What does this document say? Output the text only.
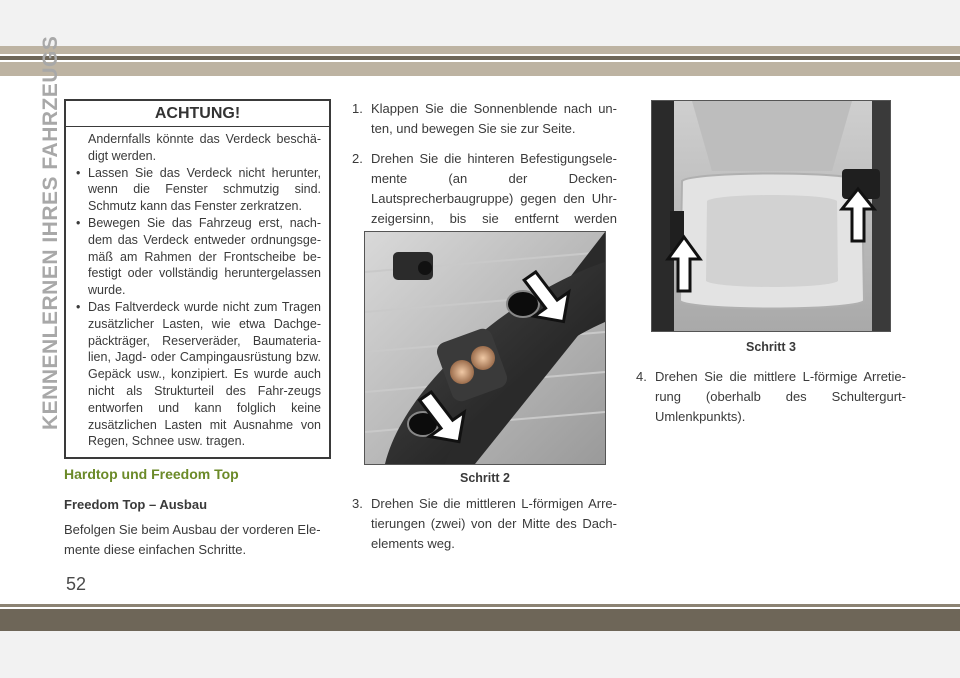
KENNENLERNEN IHRES FAHRZEUGS	ACHTUNG!

Andernfalls könnte das Verdeck beschä-digt werden.

• Lassen Sie das Verdeck nicht herunter, wenn die Fenster schmutzig sind. Schmutz kann das Fenster zerkratzen.
• Bewegen Sie das Fahrzeug erst, nach-dem das Verdeck entweder ordnungsge-mäß am Rahmen der Frontscheibe be-festigt oder vollständig heruntergelassen wurde.
• Das Faltverdeck wurde nicht zum Tragen zusätzlicher Lasten, wie etwa Dachge-päckträger, Reserveräder, Baumateria-lien, Jagd- oder Campingausrüstung bzw. Gepäck usw., konzipiert. Es wurde auch nicht als Strukturteil des Fahr-zeugs entworfen und kann folglich keine zusätzlichen Lasten mit Ausnahme von Regen, Schnee usw. tragen.
Hardtop und Freedom Top
Freedom Top – Ausbau
Befolgen Sie beim Ausbau der vorderen Ele-mente diese einfachen Schritte.
1. Klappen Sie die Sonnenblende nach un-ten, und bewegen Sie sie zur Seite.
2. Drehen Sie die hinteren Befestigungsele-mente (an der Decken-Lautsprecherbaugruppe) gegen den Uhr-zeigersinn, bis sie entfernt werden
Schritt 2
3. Drehen Sie die mittleren L-förmigen Arre-tierungen (zwei) von der Mitte des Dach-elements weg.
Schritt 3
4. Drehen Sie die mittlere L-förmige Arretie-rung (oberhalb des Schultergurt-Umlenkpunkts).
52
